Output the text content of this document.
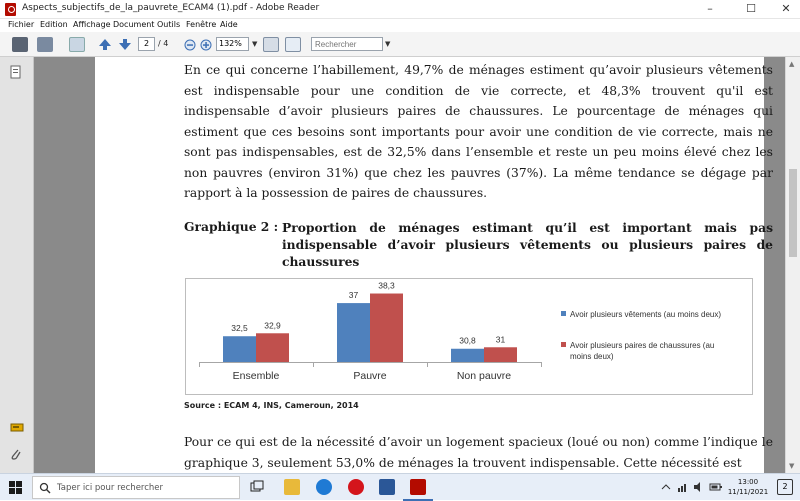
Aspects_subjectifs_de_la_pauvrete_ECAM4 (1).pdf - Adobe Reader	–	☐	✕
Fichier Edition Affichage Document Outils Fenêtre Aide
2	/ 4	132%	▼
Rechercher	▼

En ce qui concerne l’habillement, 49,7% de ménages estiment qu’avoir plusieurs vêtements est indispensable pour une condition de vie correcte, et 48,3% trouvent qu'il est indispensable d’avoir plusieurs paires de chaussures. Le pourcentage de ménages qui estiment que ces besoins sont importants pour avoir une condition de vie correcte, mais ne sont pas indispensables, est de 32,5% dans l’ensemble et reste un peu moins élevé chez les non pauvres (environ 31%) que chez les pauvres (37%). La même tendance se dégage par rapport à la possession de paires de chaussures.

Graphique 2 : Proportion de ménages estimant qu’il est important mais pas indispensable d’avoir plusieurs vêtements ou plusieurs paires de chaussures
32,5 32,9
Ensemble
37
38,3
Pauvre
30,8 31
Non pauvre
Avoir plusieurs vêtements (au moins deux)
Avoir plusieurs paires de chaussures (au
moins deux)
Source : ECAM 4, INS, Cameroun, 2014

Pour ce qui est de la nécessité d’avoir un logement spacieux (loué ou non) comme l’indique le graphique 3, seulement 53,0% de ménages la trouvent indispensable. Cette nécessité est

▲
▼
Taper ici pour rechercher
13:00
11/11/2021
2
